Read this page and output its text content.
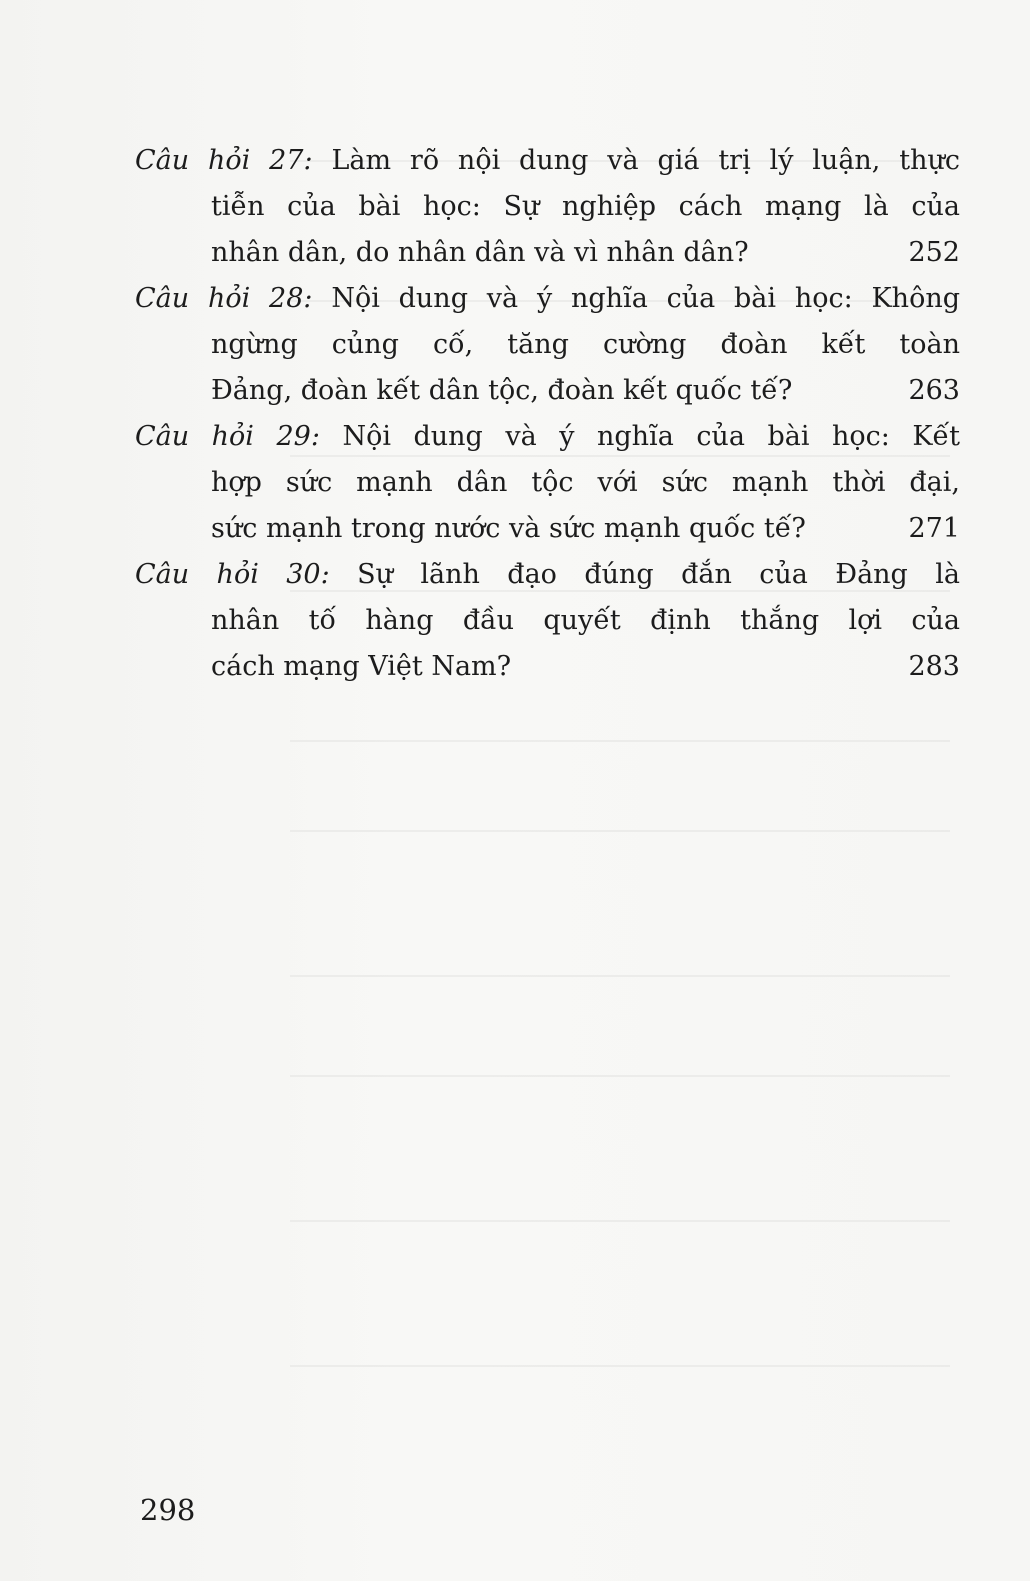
Câu hỏi 27: Làm rõ nội dung và giá trị lý luận, thực
tiễn của bài học: Sự nghiệp cách mạng là của
nhân dân, do nhân dân và vì nhân dân?	252
Câu hỏi 28: Nội dung và ý nghĩa của bài học: Không
ngừng củng cố, tăng cường đoàn kết toàn
Đảng, đoàn kết dân tộc, đoàn kết quốc tế?	263
Câu hỏi 29: Nội dung và ý nghĩa của bài học: Kết
hợp sức mạnh dân tộc với sức mạnh thời đại,
sức mạnh trong nước và sức mạnh quốc tế?	271
Câu hỏi 30: Sự lãnh đạo đúng đắn của Đảng là
nhân tố hàng đầu quyết định thắng lợi của
cách mạng Việt Nam?	283
298
